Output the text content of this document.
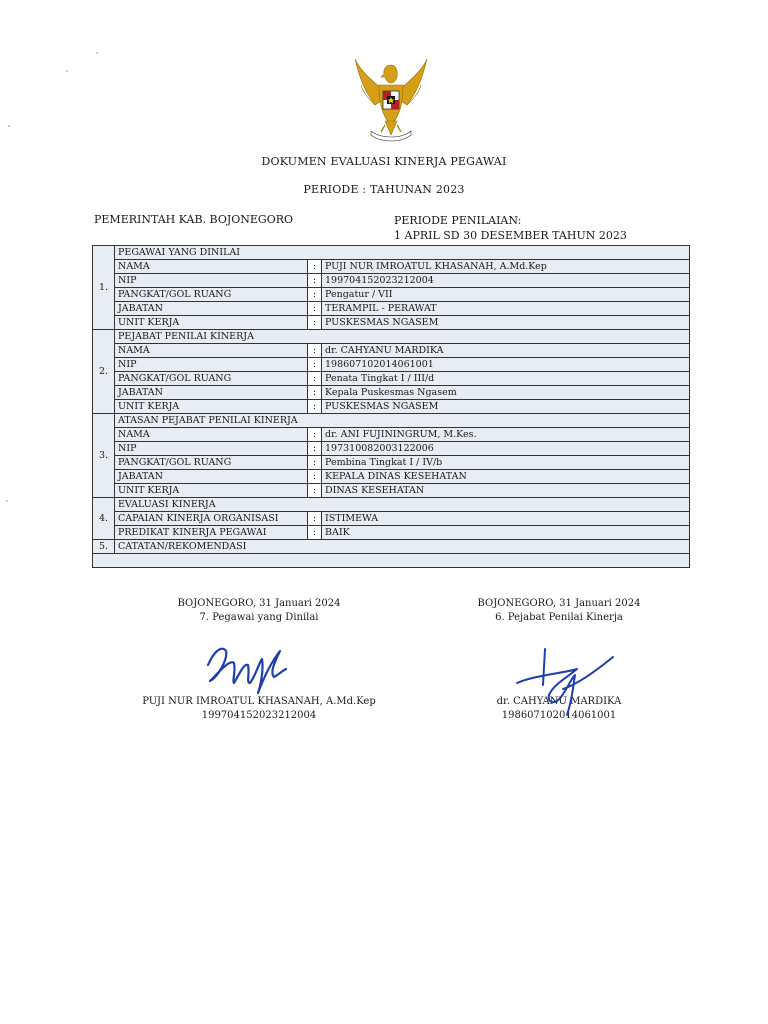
DOKUMEN EVALUASI KINERJA PEGAWAI
PERIODE : TAHUNAN 2023
PEMERINTAH KAB. BOJONEGORO	PERIODE PENILAIAN:
1 APRIL SD 30 DESEMBER TAHUN 2023
1.	PEGAWAI YANG DINILAI		
	NAMA	:	PUJI NUR IMROATUL KHASANAH, A.Md.Kep
	NIP	:	199704152023212004
	PANGKAT/GOL RUANG	:	Pengatur / VII
	JABATAN	:	TERAMPIL - PERAWAT
	UNIT KERJA	:	PUSKESMAS NGASEM
2.	PEJABAT PENILAI KINERJA		
	NAMA	:	dr. CAHYANU MARDIKA
	NIP	:	198607102014061001
	PANGKAT/GOL RUANG	:	Penata Tingkat I / III/d
	JABATAN	:	Kepala Puskesmas Ngasem
	UNIT KERJA	:	PUSKESMAS NGASEM
3.	ATASAN PEJABAT PENILAI KINERJA		
	NAMA	:	dr. ANI FUJININGRUM, M.Kes.
	NIP	:	197310082003122006
	PANGKAT/GOL RUANG	:	Pembina Tingkat I / IV/b
	JABATAN	:	KEPALA DINAS KESEHATAN
	UNIT KERJA	:	DINAS KESEHATAN
4.	EVALUASI KINERJA		
	CAPAIAN KINERJA ORGANISASI	:	ISTIMEWA
	PREDIKAT KINERJA PEGAWAI	:	BAIK
5.	CATATAN/REKOMENDASI		

BOJONEGORO, 31 Januari 2024
7. Pegawai yang Dinilai
PUJI NUR IMROATUL KHASANAH, A.Md.Kep
199704152023212004
BOJONEGORO, 31 Januari 2024
6. Pejabat Penilai Kinerja
dr. CAHYANU MARDIKA
198607102014061001
